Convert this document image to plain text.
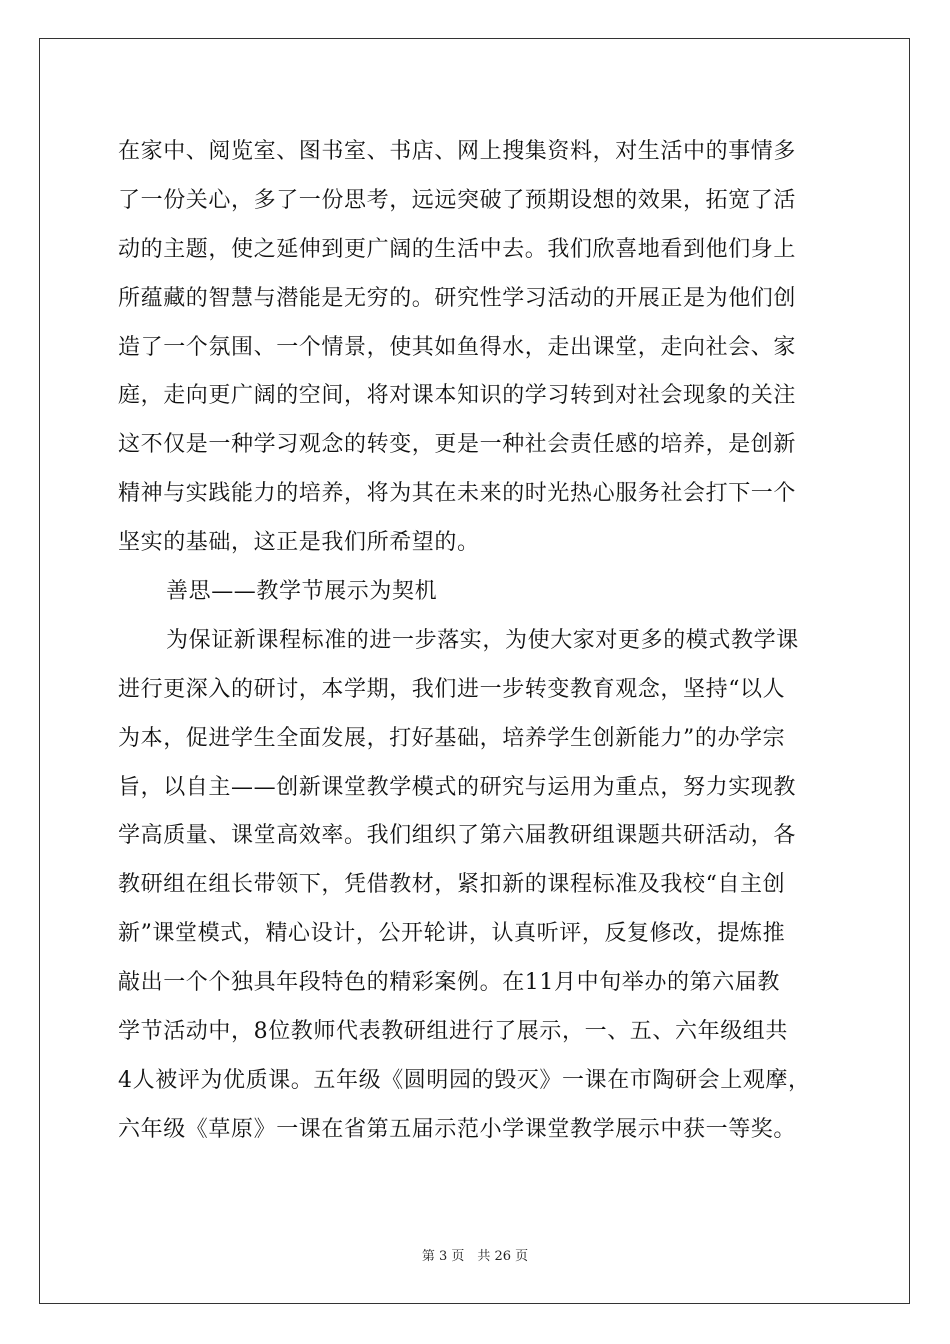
在家中、阅览室、图书室、书店、网上搜集资料，对生活中的事情多
了一份关心，多了一份思考，远远突破了预期设想的效果，拓宽了活
动的主题，使之延伸到更广阔的生活中去。我们欣喜地看到他们身上
所蕴藏的智慧与潜能是无穷的。研究性学习活动的开展正是为他们创
造了一个氛围、一个情景，使其如鱼得水，走出课堂，走向社会、家
庭，走向更广阔的空间，将对课本知识的学习转到对社会现象的关注
这不仅是一种学习观念的转变，更是一种社会责任感的培养，是创新
精神与实践能力的培养，将为其在未来的时光热心服务社会打下一个
坚实的基础，这正是我们所希望的。
善思——教学节展示为契机
为保证新课程标准的进一步落实，为使大家对更多的模式教学课
进行更深入的研讨，本学期，我们进一步转变教育观念，坚持“以人
为本，促进学生全面发展，打好基础，培养学生创新能力”的办学宗
旨，以自主——创新课堂教学模式的研究与运用为重点，努力实现教
学高质量、课堂高效率。我们组织了第六届教研组课题共研活动，各
教研组在组长带领下，凭借教材，紧扣新的课程标准及我校“自主创
新”课堂模式，精心设计，公开轮讲，认真听评，反复修改，提炼推
敲出一个个独具年段特色的精彩案例。在11月中旬举办的第六届教
学节活动中，8位教师代表教研组进行了展示，一、五、六年级组共
4人被评为优质课。五年级《圆明园的毁灭》一课在市陶研会上观摩，
六年级《草原》一课在省第五届示范小学课堂教学展示中获一等奖。
第 3 页　共 26 页
